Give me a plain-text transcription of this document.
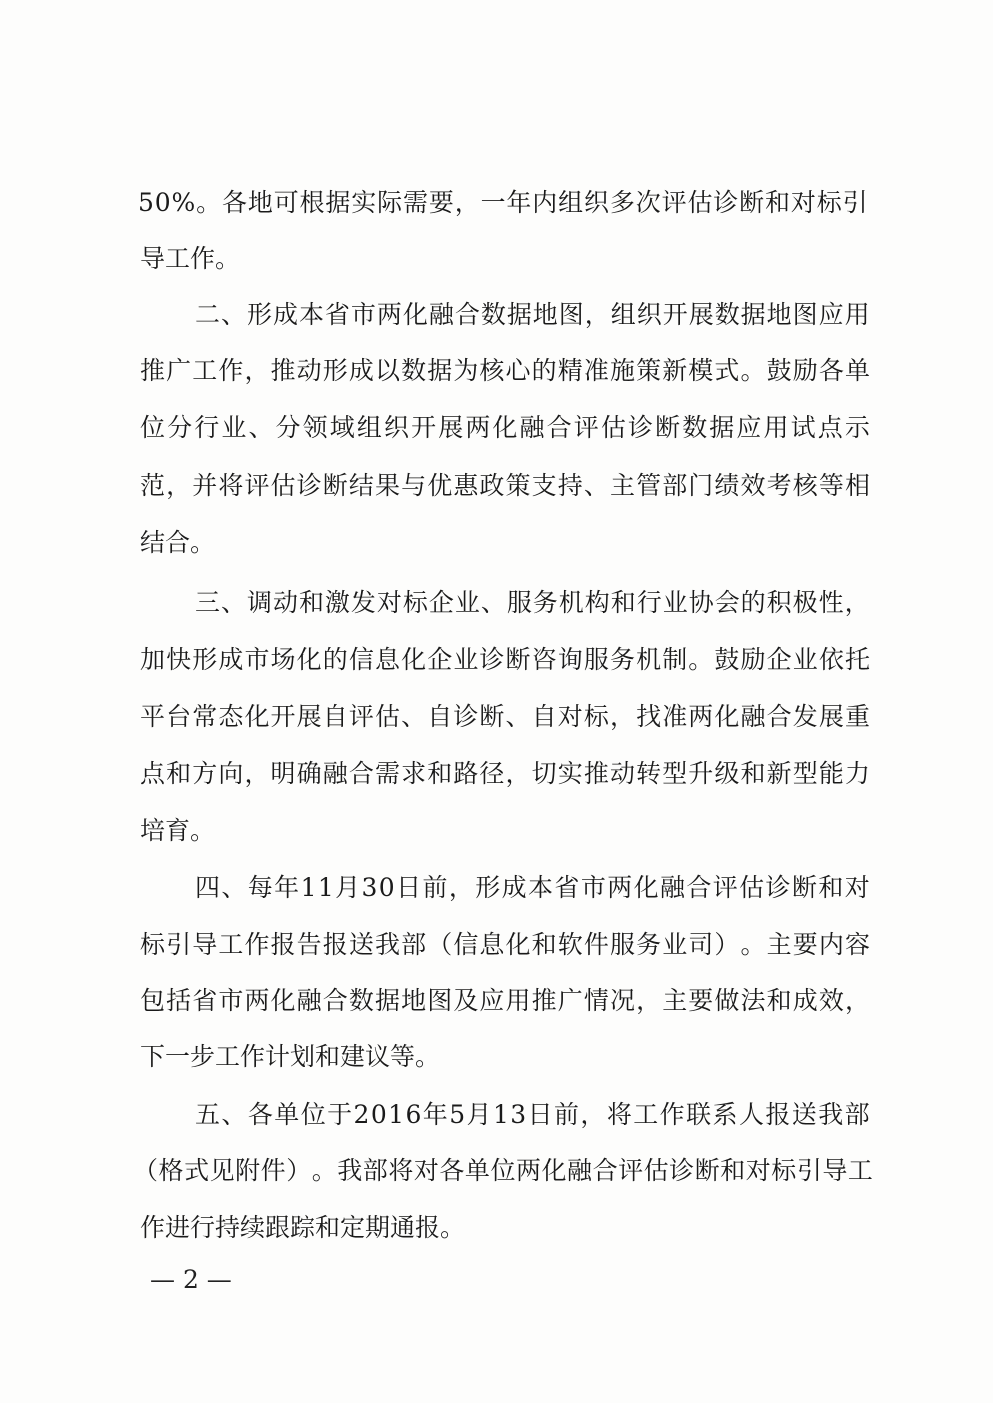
5 0 % 。 各 地 可 根 据 实 际 需 要 ， 一 年 内 组 织 多 次 评 估 诊 断 和 对 标 引
导工作。
二 、 形 成 本 省 市 两 化 融 合 数 据 地 图 ， 组 织 开 展 数 据 地 图 应 用
推 广 工 作 ， 推 动 形 成 以 数 据 为 核 心 的 精 准 施 策 新 模 式 。 鼓 励 各 单
位 分 行 业 、 分 领 域 组 织 开 展 两 化 融 合 评 估 诊 断 数 据 应 用 试 点 示
范 ， 并 将 评 估 诊 断 结 果 与 优 惠 政 策 支 持 、 主 管 部 门 绩 效 考 核 等 相
结合。
三 、 调 动 和 激 发 对 标 企 业 、 服 务 机 构 和 行 业 协 会 的 积 极 性 ，
加 快 形 成 市 场 化 的 信 息 化 企 业 诊 断 咨 询 服 务 机 制 。 鼓 励 企 业 依 托
平 台 常 态 化 开 展 自 评 估 、 自 诊 断 、 自 对 标 ， 找 准 两 化 融 合 发 展 重
点 和 方 向 ， 明 确 融 合 需 求 和 路 径 ， 切 实 推 动 转 型 升 级 和 新 型 能 力
培育。
四 、 每 年 1 1 月 3 0 日 前 ， 形 成 本 省 市 两 化 融 合 评 估 诊 断 和 对
标 引 导 工 作 报 告 报 送 我 部 （ 信 息 化 和 软 件 服 务 业 司 ） 。 主 要 内 容
包 括 省 市 两 化 融 合 数 据 地 图 及 应 用 推 广 情 况 ， 主 要 做 法 和 成 效 ，
下一步工作计划和建议等。
五 、 各 单 位 于 2 0 1 6 年 5 月 1 3 日 前 ， 将 工 作 联 系 人 报 送 我 部
（ 格 式 见 附 件 ） 。 我 部 将 对 各 单 位 两 化 融 合 评 估 诊 断 和 对 标 引 导 工
作进行持续跟踪和定期通报。
— 2 —
